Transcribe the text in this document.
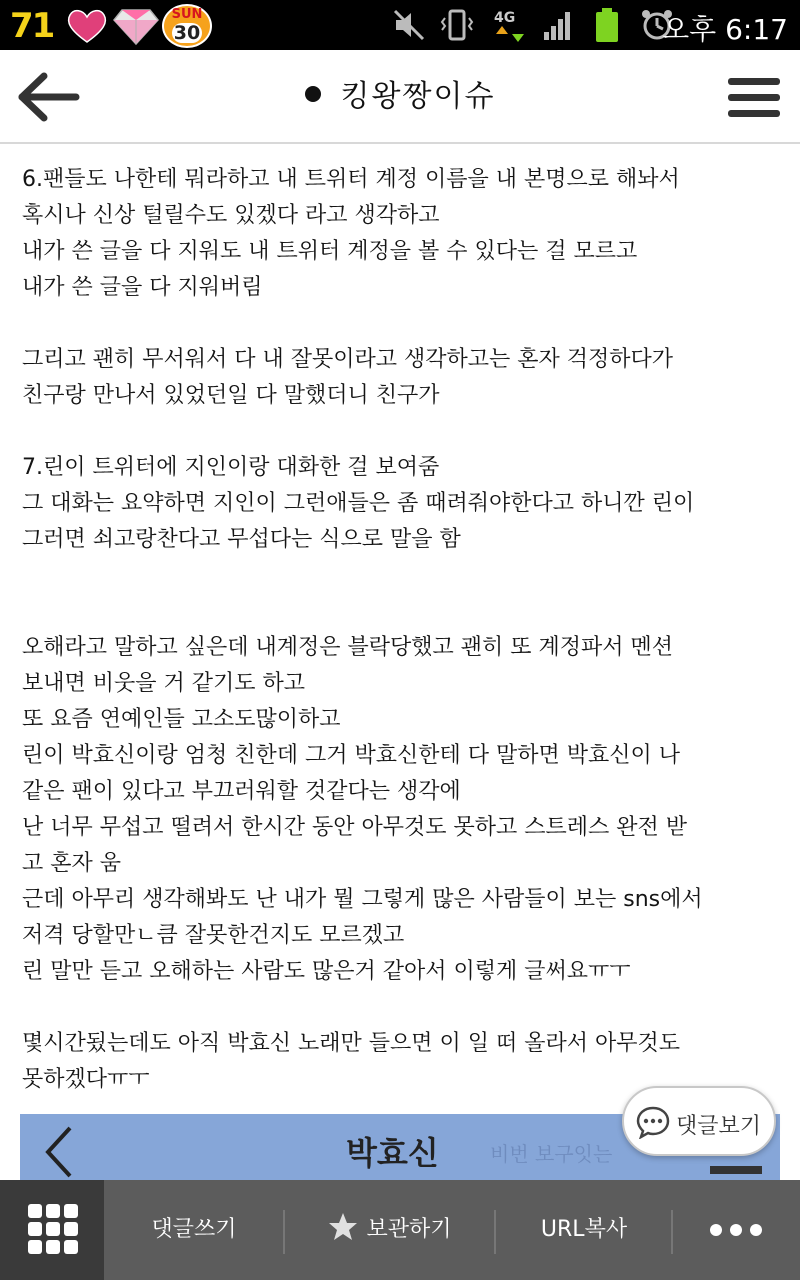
71	SUN
30
4G	오후 6:17
킹왕짱이슈
6.팬들도 나한테 뭐라하고 내 트위터 계정 이름을 내 본명으로 해놔서
혹시나 신상 털릴수도 있겠다 라고 생각하고
내가 쓴 글을 다 지워도 내 트위터 계정을 볼 수 있다는 걸 모르고
내가 쓴 글을 다 지워버림
그리고 괜히 무서워서 다 내 잘못이라고 생각하고는 혼자 걱정하다가
친구랑 만나서 있었던일 다 말했더니 친구가
7.린이 트위터에 지인이랑 대화한 걸 보여줌
그 대화는 요약하면 지인이 그런애들은 좀 때려줘야한다고 하니깐 린이
그러면 쇠고랑찬다고 무섭다는 식으로 말을 함
오해라고 말하고 싶은데 내계정은 블락당했고 괜히 또 계정파서 멘션
보내면 비웃을 거 같기도 하고
또 요즘 연예인들 고소도많이하고
린이 박효신이랑 엄청 친한데 그거 박효신한테 다 말하면 박효신이 나
같은 팬이 있다고 부끄러워할 것같다는 생각에
난 너무 무섭고 떨려서 한시간 동안 아무것도 못하고 스트레스 완전 받
고 혼자 움
근데 아무리 생각해봐도 난 내가 뭘 그렇게 많은 사람들이 보는 sns에서
저격 당할만ㄴ큼 잘못한건지도 모르겠고
린 말만 듣고 오해하는 사람도 많은거 같아서 이렇게 글써요ㅠㅜ
몇시간됬는데도 아직 박효신 노래만 들으면 이 일 떠 올라서 아무것도
못하겠다ㅠㅜ
박효신	비번 보구잇는
댓글보기
댓글쓰기	보관하기	URL복사
